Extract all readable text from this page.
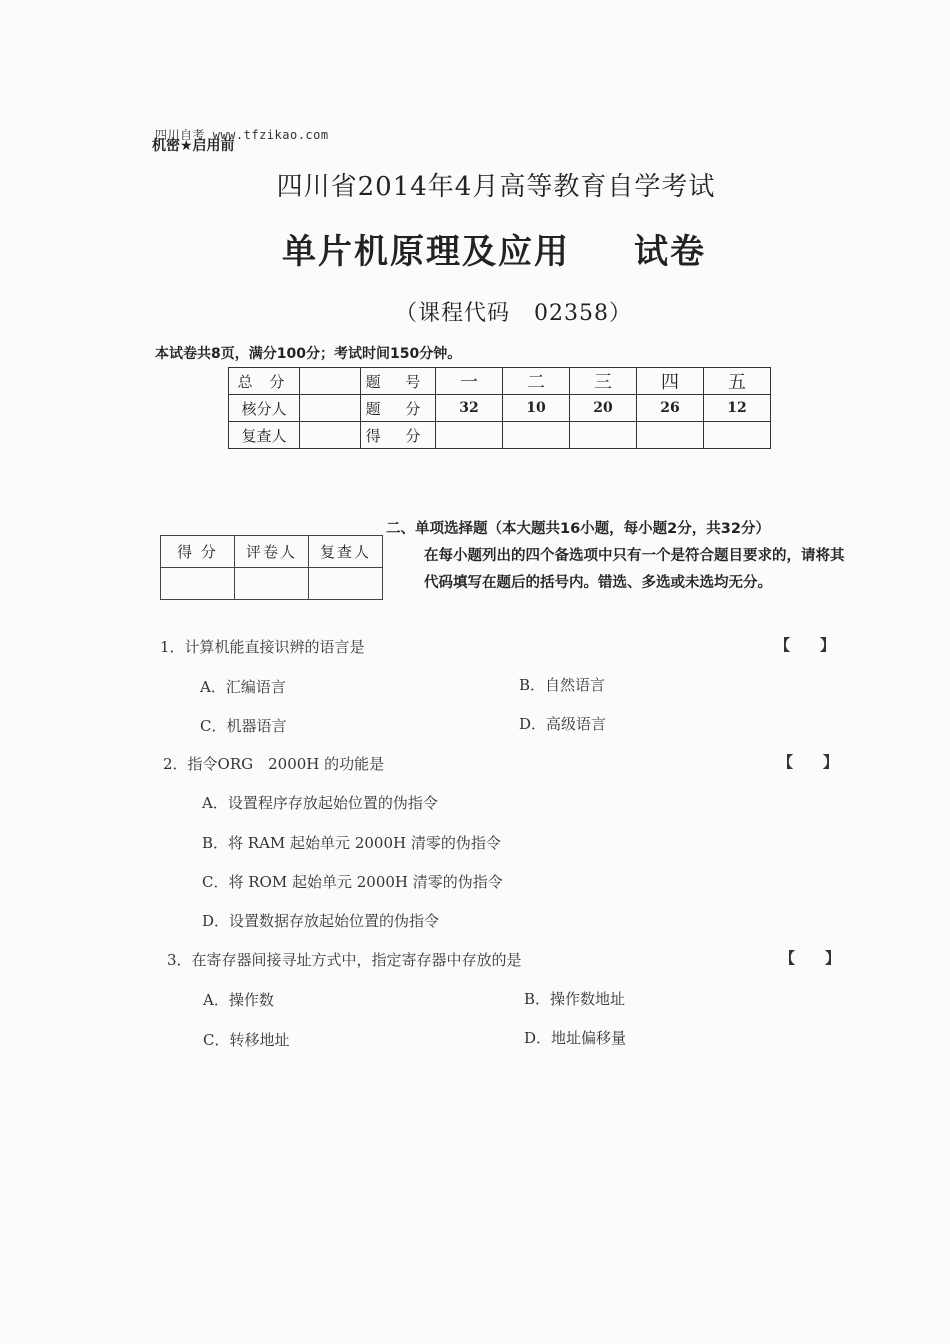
四川自考 www.tfzikao.com
机密★启用前
四川省2014年4月高等教育自学考试
单片机原理及应用 试卷
（课程代码 02358）
本试卷共8页，满分100分；考试时间150分钟。
总 分		题 号	一	二	三	四	五
核分人		题 分	32	10	20	26	12
复查人		得 分					
得 分	评卷人	复查人

二、单项选择题（本大题共16小题，每小题2分，共32分）
在每小题列出的四个备选项中只有一个是符合题目要求的，请将其代码填写在题后的括号内。错选、多选或未选均无分。
1．计算机能直接识辨的语言是	【　　】
A．汇编语言	B．自然语言
C．机器语言	D．高级语言
2．指令ORG　2000H 的功能是	【　　】
A．设置程序存放起始位置的伪指令
B．将 RAM 起始单元 2000H 清零的伪指令
C．将 ROM 起始单元 2000H 清零的伪指令
D．设置数据存放起始位置的伪指令
3．在寄存器间接寻址方式中，指定寄存器中存放的是	【　　】
A．操作数	B．操作数地址
C．转移地址	D．地址偏移量
